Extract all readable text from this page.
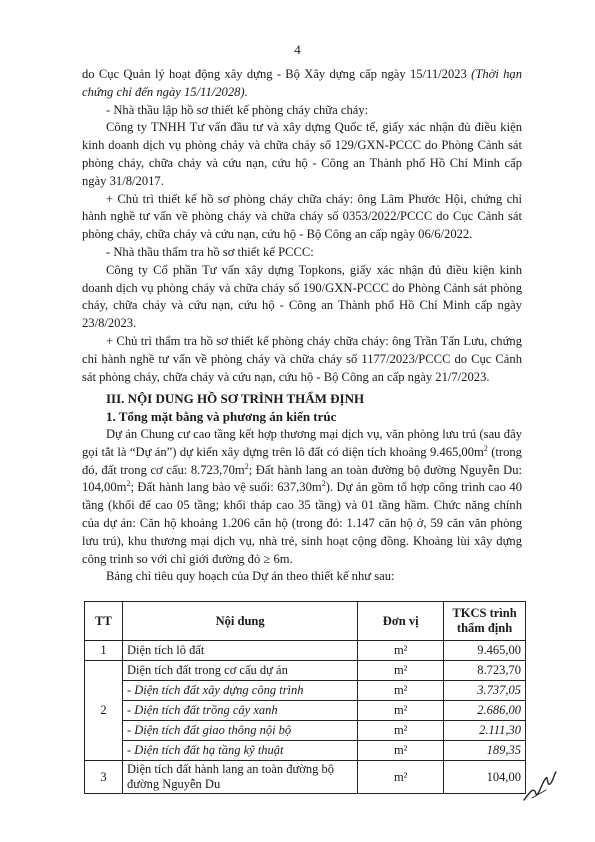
4

do Cục Quản lý hoạt động xây dựng - Bộ Xây dựng cấp ngày 15/11/2023 (Thời hạn chứng chỉ đến ngày 15/11/2028).

- Nhà thầu lập hồ sơ thiết kế phòng cháy chữa cháy:

Công ty TNHH Tư vấn đầu tư và xây dựng Quốc tế, giấy xác nhận đủ điều kiện kinh doanh dịch vụ phòng cháy và chữa cháy số 129/GXN-PCCC do Phòng Cảnh sát phòng cháy, chữa cháy và cứu nạn, cứu hộ - Công an Thành phố Hồ Chí Minh cấp ngày 31/8/2017.

+ Chủ trì thiết kế hồ sơ phòng cháy chữa cháy: ông Lâm Phước Hội, chứng chỉ hành nghề tư vấn về phòng cháy và chữa cháy số 0353/2022/PCCC do Cục Cảnh sát phòng cháy, chữa cháy và cứu nạn, cứu hộ - Bộ Công an cấp ngày 06/6/2022.

- Nhà thầu thẩm tra hồ sơ thiết kế PCCC:

Công ty Cổ phần Tư vấn xây dựng Topkons, giấy xác nhận đủ điều kiện kinh doanh dịch vụ phòng cháy và chữa cháy số 190/GXN-PCCC do Phòng Cảnh sát phòng cháy, chữa cháy và cứu nạn, cứu hộ - Công an Thành phố Hồ Chí Minh cấp ngày 23/8/2023.

+ Chủ trì thẩm tra hồ sơ thiết kế phòng cháy chữa cháy: ông Trần Tấn Lưu, chứng chỉ hành nghề tư vấn về phòng cháy và chữa cháy số 1177/2023/PCCC do Cục Cảnh sát phòng cháy, chữa cháy và cứu nạn, cứu hộ - Bộ Công an cấp ngày 21/7/2023.

III. NỘI DUNG HỒ SƠ TRÌNH THẨM ĐỊNH
1. Tổng mặt bằng và phương án kiến trúc

Dự án Chung cư cao tầng kết hợp thương mại dịch vụ, văn phòng lưu trú (sau đây gọi tắt là “Dự án”) dự kiến xây dựng trên lô đất có diện tích khoảng $9.465,00m^2$ (trong đó, đất trong cơ cấu: $8.723,70m^2$; Đất hành lang an toàn đường bộ đường Nguyễn Du: $104,00m^2$; Đất hành lang bảo vệ suối: $637,30m^2$). Dự án gồm tổ hợp công trình cao 40 tầng (khối đế cao 05 tầng; khối tháp cao 35 tầng) và 01 tầng hầm. Chức năng chính của dự án: Căn hộ khoảng 1.206 căn hộ (trong đó: 1.147 căn hộ ở, 59 căn văn phòng lưu trú), khu thương mại dịch vụ, nhà trẻ, sinh hoạt cộng đồng. Khoảng lùi xây dựng công trình so với chỉ giới đường đỏ ≥ 6m.

Bảng chỉ tiêu quy hoạch của Dự án theo thiết kế như sau:

TT	Nội dung	Đơn vị	TKCS trình thẩm định
1	Diện tích lô đất	m²	9.465,00
2	Diện tích đất trong cơ cấu dự án	m²	8.723,70
	- Diện tích đất xây dựng công trình	m²	3.737,05
	- Diện tích đất trồng cây xanh	m²	2.686,00
	- Diện tích đất giao thông nội bộ	m²	2.111,30
	- Diện tích đất hạ tầng kỹ thuật	m²	189,35
3	Diện tích đất hành lang an toàn đường bộ đường Nguyễn Du	m²	104,00
